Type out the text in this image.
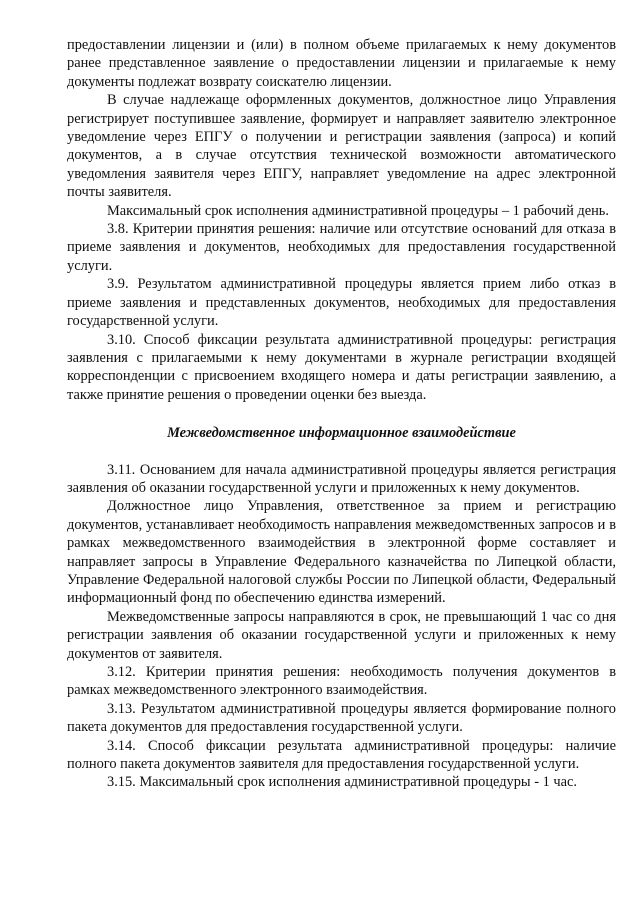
предоставлении лицензии и (или) в полном объеме прилагаемых к нему документов ранее представленное заявление о предоставлении лицензии и прилагаемые к нему документы подлежат возврату соискателю лицензии.

В случае надлежаще оформленных документов, должностное лицо Управления регистрирует поступившее заявление, формирует и направляет заявителю электронное уведомление через ЕПГУ о получении и регистрации заявления (запроса) и копий документов, а в случае отсутствия технической возможности автоматического уведомления заявителя через ЕПГУ, направляет уведомление на адрес электронной почты заявителя.

Максимальный срок исполнения административной процедуры – 1 рабочий день.

3.8. Критерии принятия решения: наличие или отсутствие оснований для отказа в приеме заявления и документов, необходимых для предоставления государственной услуги.

3.9. Результатом административной процедуры является прием либо отказ в приеме заявления и представленных документов, необходимых для предоставления государственной услуги.

3.10. Способ фиксации результата административной процедуры: регистрация заявления с прилагаемыми к нему документами в журнале регистрации входящей корреспонденции с присвоением входящего номера и даты регистрации заявлению, а также принятие решения о проведении оценки без выезда.

Межведомственное информационное взаимодействие

3.11. Основанием для начала административной процедуры является регистрация заявления об оказании государственной услуги и приложенных к нему документов.

Должностное лицо Управления, ответственное за прием и регистрацию документов, устанавливает необходимость направления межведомственных запросов и в рамках межведомственного взаимодействия в электронной форме составляет и направляет запросы в Управление Федерального казначейства по Липецкой области, Управление Федеральной налоговой службы России по Липецкой области, Федеральный информационный фонд по обеспечению единства измерений.

Межведомственные запросы направляются в срок, не превышающий 1 час со дня регистрации заявления об оказании государственной услуги и приложенных к нему документов от заявителя.

3.12. Критерии принятия решения: необходимость получения документов в рамках межведомственного электронного взаимодействия.

3.13. Результатом административной процедуры является формирование полного пакета документов для предоставления государственной услуги.

3.14. Способ фиксации результата административной процедуры: наличие полного пакета документов заявителя для предоставления государственной услуги.

3.15. Максимальный срок исполнения административной процедуры - 1 час.
